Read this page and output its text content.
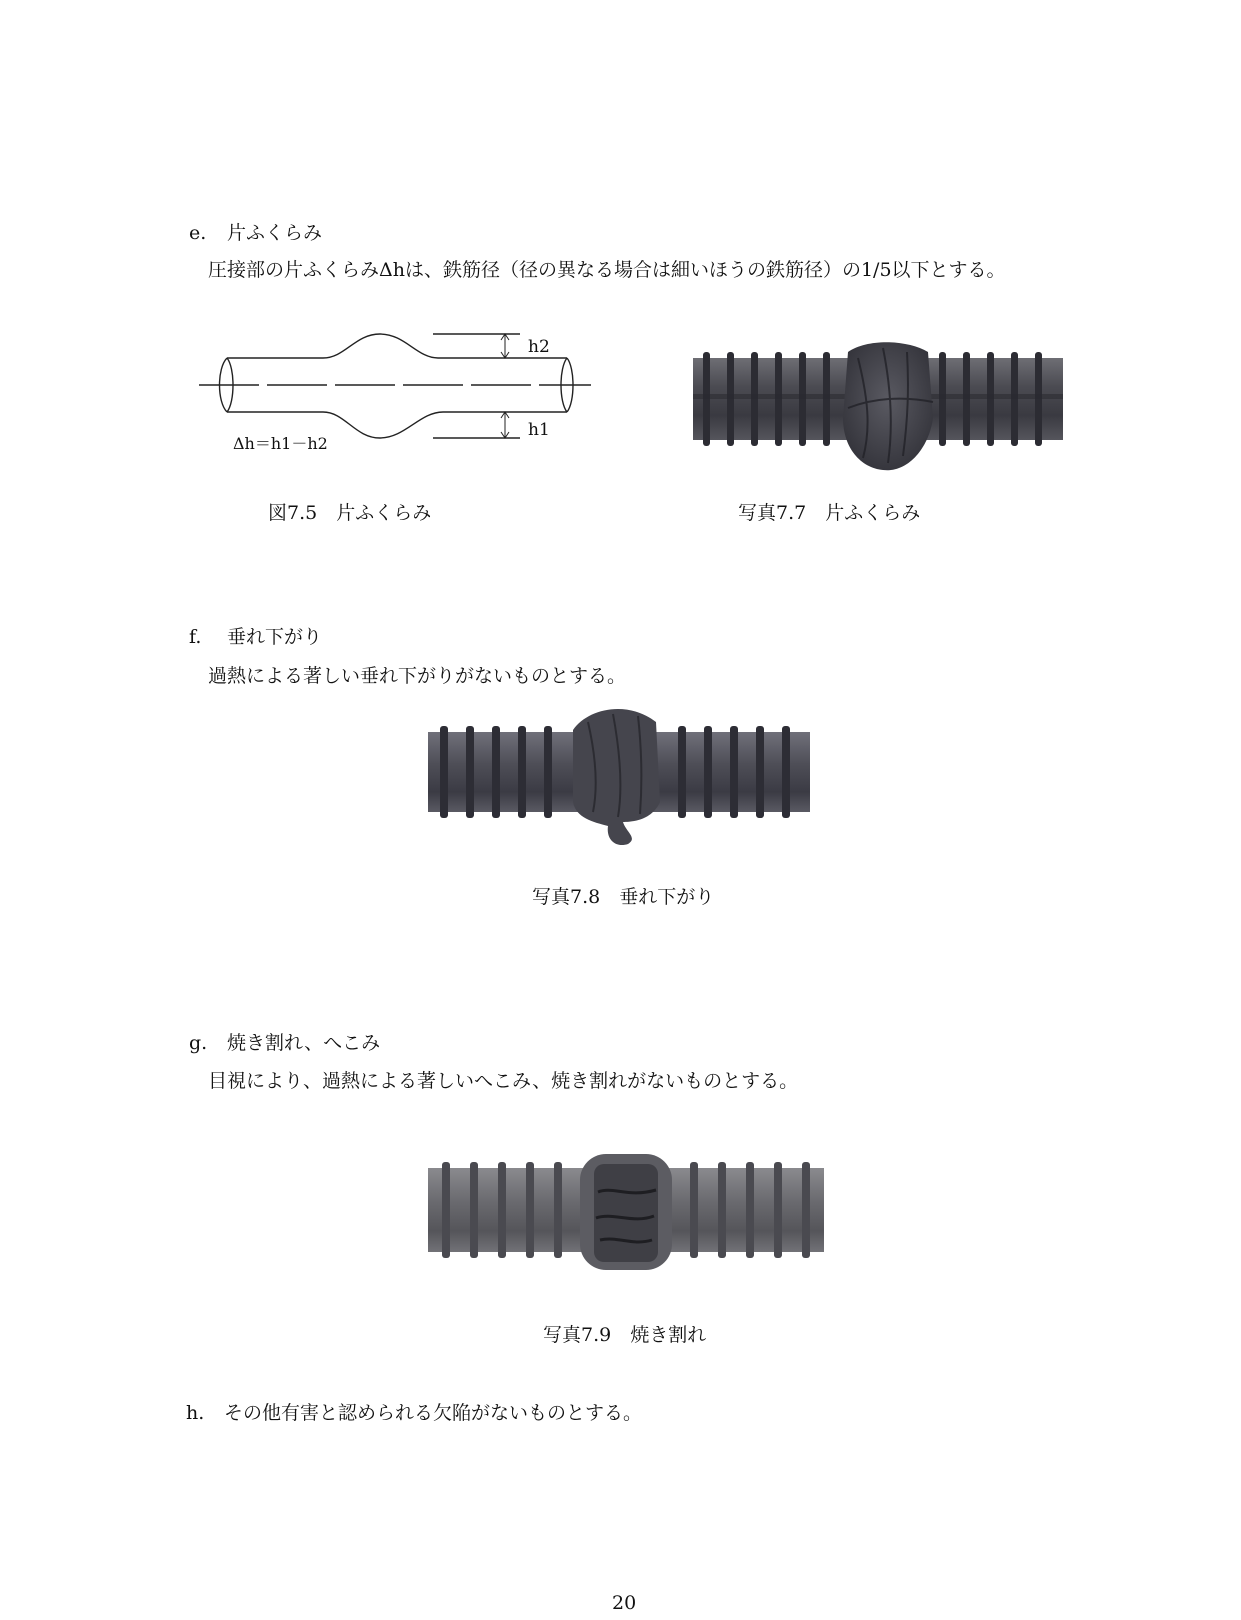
e. 片ふくらみ
圧接部の片ふくらみΔhは、鉄筋径（径の異なる場合は細いほうの鉄筋径）の1/5以下とする。
h2
h1
Δh＝h1－h2
図7.5　片ふくらみ	写真7.7　片ふくらみ
f. 垂れ下がり
過熱による著しい垂れ下がりがないものとする。
写真7.8　垂れ下がり
g. 焼き割れ、へこみ
目視により、過熱による著しいへこみ、焼き割れがないものとする。
写真7.9　焼き割れ
h. その他有害と認められる欠陥がないものとする。
20
